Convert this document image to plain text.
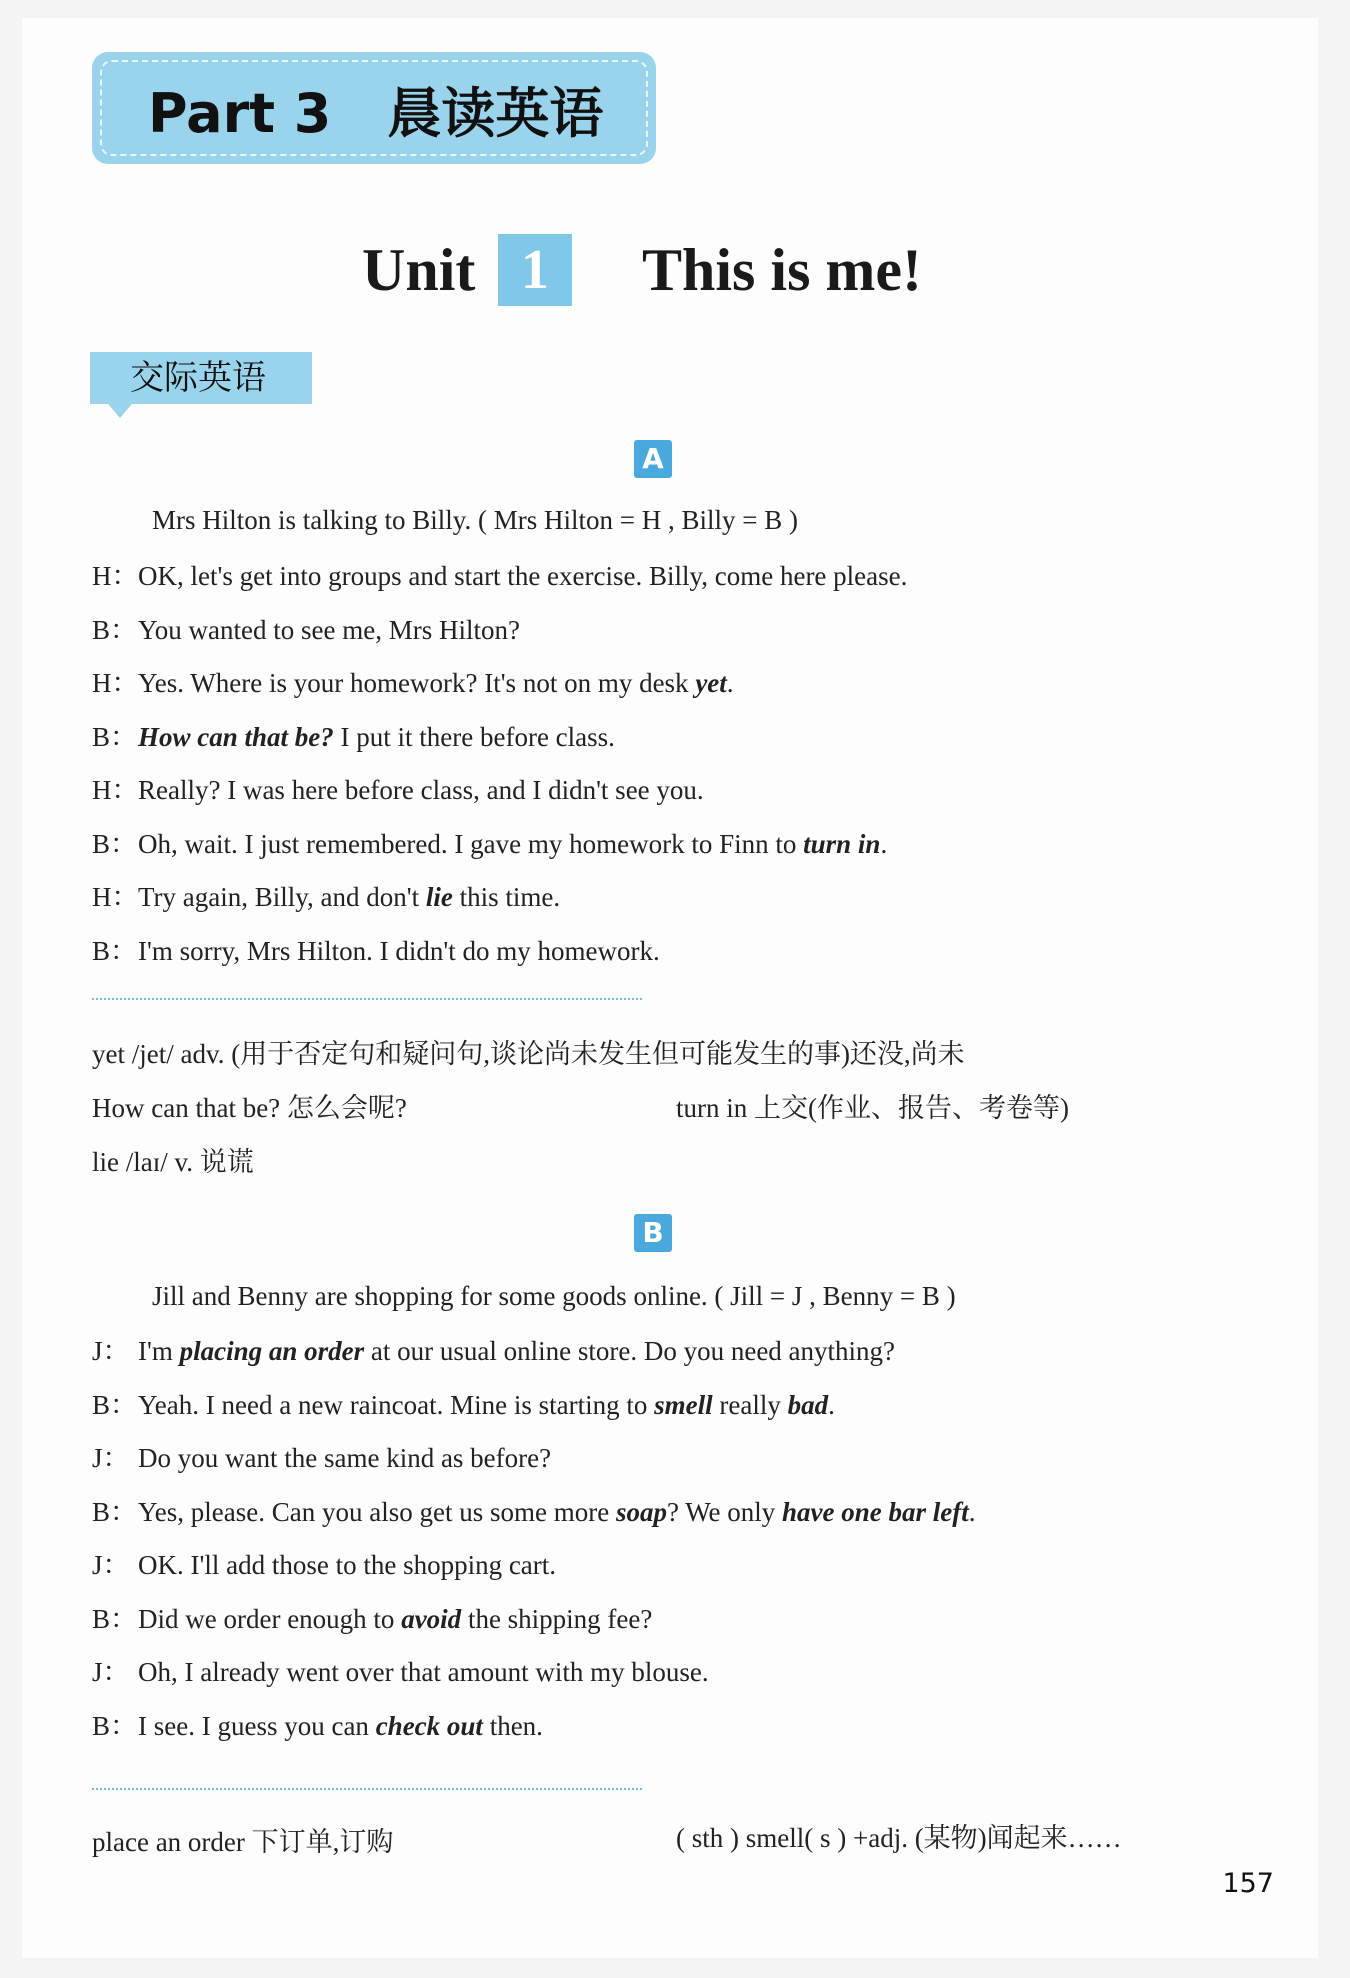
Part 3 晨读英语
Unit 1	This is me!
交际英语
A
Mrs Hilton is talking to Billy. ( Mrs Hilton = H , Billy = B )
H：OK, let's get into groups and start the exercise. Billy, come here please.
B：You wanted to see me, Mrs Hilton?
H：Yes. Where is your homework? It's not on my desk yet.
B：How can that be? I put it there before class.
H：Really? I was here before class, and I didn't see you.
B：Oh, wait. I just remembered. I gave my homework to Finn to turn in.
H：Try again, Billy, and don't lie this time.
B：I'm sorry, Mrs Hilton. I didn't do my homework.
yet /jet/ adv. (用于否定句和疑问句,谈论尚未发生但可能发生的事)还没,尚未
How can that be? 怎么会呢?	turn in 上交(作业、报告、考卷等)
lie /laɪ/ v. 说谎
B
Jill and Benny are shopping for some goods online. ( Jill = J , Benny = B )
J： I'm placing an order at our usual online store. Do you need anything?
B：Yeah. I need a new raincoat. Mine is starting to smell really bad.
J： Do you want the same kind as before?
B：Yes, please. Can you also get us some more soap? We only have one bar left.
J： OK. I'll add those to the shopping cart.
B：Did we order enough to avoid the shipping fee?
J： Oh, I already went over that amount with my blouse.
B：I see. I guess you can check out then.
place an order 下订单,订购	( sth ) smell( s ) +adj. (某物)闻起来……
157
